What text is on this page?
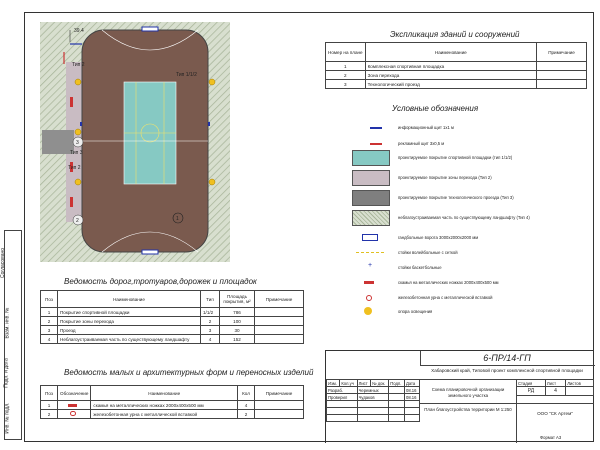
Согласовано
Взам. инв. №
Подп. и дата
Инв. № подл.
39.4
Тип 2
Тип 1/1/2
Тип 2
Тип 3
3
2	1
Экспликация зданий и сооружений
Номер на плане	Наименование	Примечание
1	Комплексная спортивная площадка	
2	Зона перехода	
3	Технологический проезд	
Условные обозначения
информационный щит 1х1 м
рекламный щит 3х0,5 м
проектируемое покрытие спортивной площадки (тип 1/1/2)
проектируемое покрытие зоны перехода (Тип 2)
проектируемое покрытие технологического проезда (Тип 3)
неблагоустраиваемая часть по существующему ландшафту (Тип 4)
гандбольные ворота 3000х2000х2000 мм
стойки волейбольные с сеткой
+	стойки баскетбольные
скамья на металлических ножках 2000х400х500 мм
железобетонная урна с металлической вставкой
опора освещения
Ведомость дорог,тротуаров,дорожек и площадок
Поз	Наименование	Тип	Площадь покрытия, м²	Примечание
1	Покрытие спортивной площадки	1/1/2	786	
2	Покрытие зоны перехода	2	100	
3	Проезд	3	30	
4	Неблагоустраиваемая часть по существующему ландшафту	4	152	
Ведомость малых и архитектурных форм и переносных изделий
Поз	Обозначение	Наименование	Кол	Примечание
1		скамья на металлических ножках 2000х400х500 мм	4	
2		железобетонная урна с металлической вставкой	2	
6-ПР/14-ГП
Хабаровский край, Типовой проект комплексной спортивной площадки
Изм.	Кол.уч	Лист	№ док.	Подп.	Дата
Разраб.		Черемных			08.16
Проверил		Чудаков			08.16

Схема планировочной организации земельного участка
Стадия	Лист	Листов
РД	4	
План благоустройства территории М 1:250
ООО "СК Артем"
Формат А3
